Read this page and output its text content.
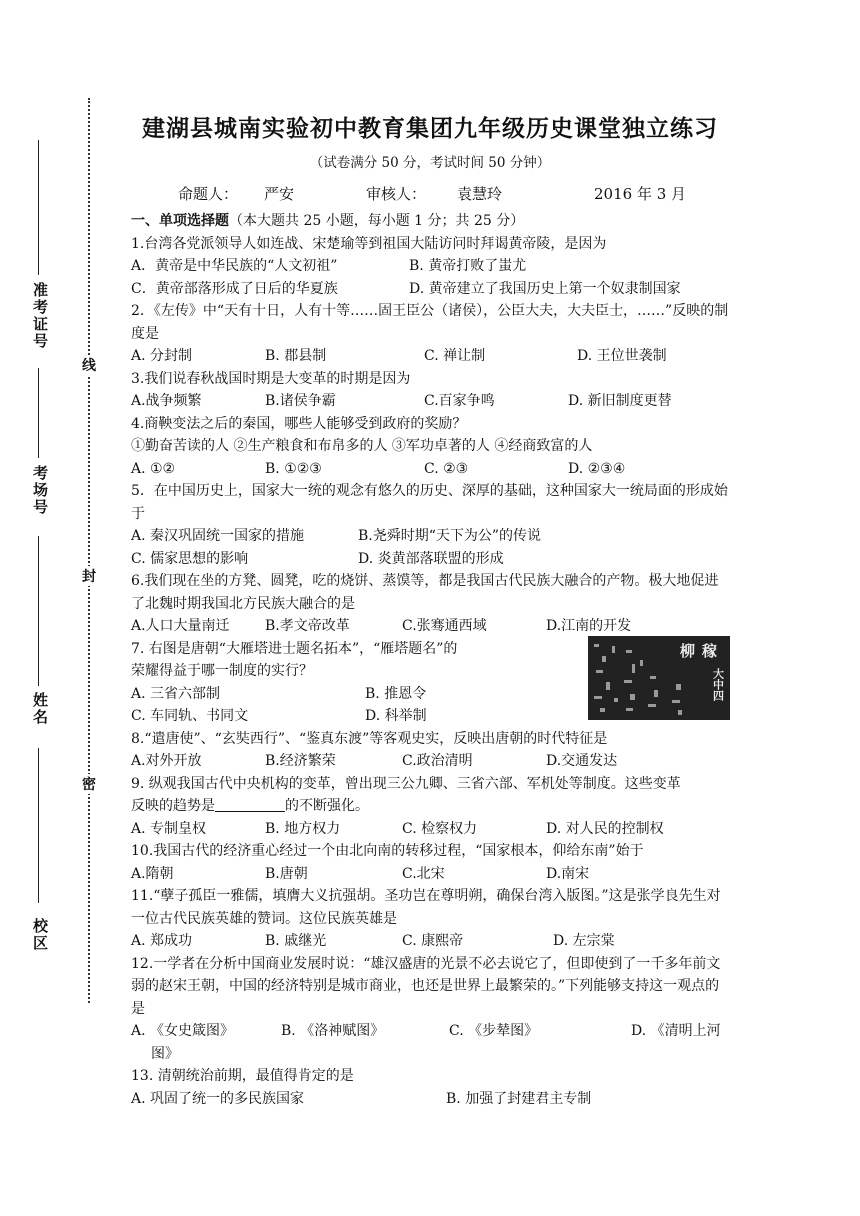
准考证号
考场号
姓名
校区
线
封
密
建湖县城南实验初中教育集团九年级历史课堂独立练习
（试卷满分 50 分，考试时间 50 分钟）
命题人： 严安	审核人： 袁慧玲	2016 年 3 月
一、单项选择题（本大题共 25 小题，每小题 1 分；共 25 分）
1.台湾各党派领导人如连战、宋楚瑜等到祖国大陆访问时拜谒黄帝陵，是因为
A．黄帝是中华民族的“人文初祖”	B. 黄帝打败了蚩尤
C．黄帝部落形成了日后的华夏族	D. 黄帝建立了我国历史上第一个奴隶制国家
2．《左传》中“天有十日，人有十等……固王臣公（诸侯），公臣大夫，大夫臣士，……”反映的制度是
A. 分封制	B. 郡县制	C. 禅让制	D. 王位世袭制
3.我们说春秋战国时期是大变革的时期是因为
A.战争频繁	B.诸侯争霸	C.百家争鸣	D. 新旧制度更替
4.商鞅变法之后的秦国，哪些人能够受到政府的奖励？
①勤奋苦读的人 ②生产粮食和布帛多的人 ③军功卓著的人 ④经商致富的人
A. ①②	B. ①②③	C. ②③	D. ②③④
5．在中国历史上，国家大一统的观念有悠久的历史、深厚的基础，这种国家大一统局面的形成始于
A. 秦汉巩固统一国家的措施	B.尧舜时期“天下为公”的传说
C. 儒家思想的影响	D. 炎黄部落联盟的形成
6.我们现在坐的方凳、圆凳，吃的烧饼、蒸馍等，都是我国古代民族大融合的产物。极大地促进了北魏时期我国北方民族大融合的是
A.人口大量南迁	B.孝文帝改革	C.张骞通西域	D.江南的开发
7. 右图是唐朝“大雁塔进士题名拓本”，“雁塔题名”的
荣耀得益于哪一制度的实行？
A. 三省六部制	B. 推恩令
C. 车同轨、书同文	D. 科举制
8.“遣唐使”、“玄奘西行”、“鉴真东渡”等客观史实，反映出唐朝的时代特征是
A.对外开放	B.经济繁荣	C.政治清明	D.交通发达
9. 纵观我国古代中央机构的变革，曾出现三公九卿、三省六部、军机处等制度。这些变革
反映的趋势是	的不断强化。
A. 专制皇权	B. 地方权力	C. 检察权力	D. 对人民的控制权
10.我国古代的经济重心经过一个由北向南的转移过程，“国家根本，仰给东南”始于
A.隋朝	B.唐朝	C.北宋	D.南宋
11.“孽子孤臣一雅儒，填膺大义抗强胡。圣功岂在尊明朔，确保台湾入版图。”这是张学良先生对一位古代民族英雄的赞词。这位民族英雄是
A. 郑成功	B. 戚继光	C. 康熙帝	D. 左宗棠
12.一学者在分析中国商业发展时说：“雄汉盛唐的光景不必去说它了，但即使到了一千多年前文弱的赵宋王朝，中国的经济特别是城市商业，也还是世界上最繁荣的。”下列能够支持这一观点的是
A. 《女史箴图》	B. 《洛神赋图》	C. 《步辇图》	D. 《清明上河
图》
13. 清朝统治前期，最值得肯定的是
A. 巩固了统一的多民族国家	B. 加强了封建君主专制
柳 稼
大中四
